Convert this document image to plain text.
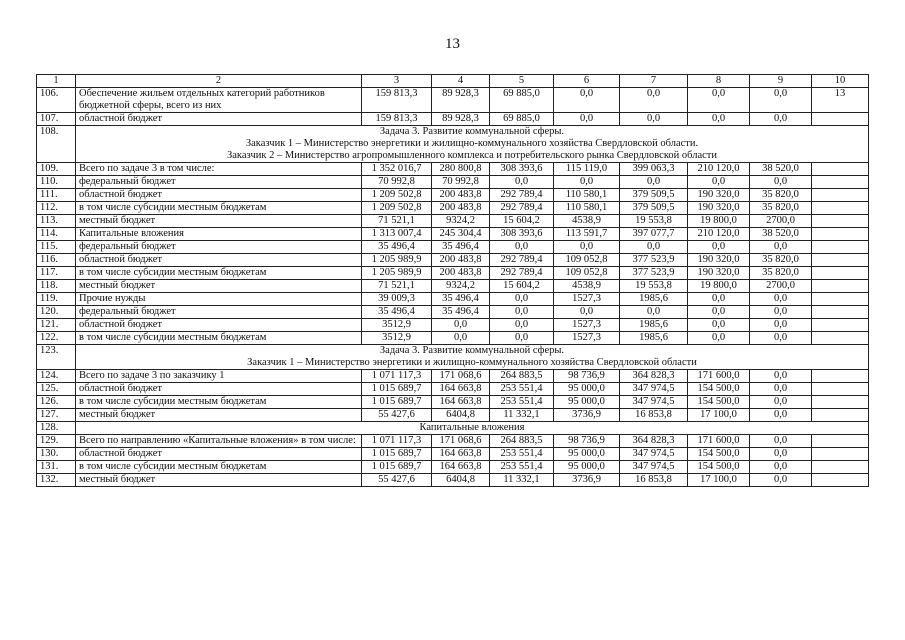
13
1	2	3	4	5	6	7	8	9	10
106.	Обеспечение жильем отдельных категорий работников бюджетной сферы, всего из них	159 813,3	89 928,3	69 885,0	0,0	0,0	0,0	0,0	13
107.	областной бюджет	159 813,3	89 928,3	69 885,0	0,0	0,0	0,0	0,0	
108.	Задача 3. Развитие коммунальной сферы.
Заказчик 1 – Министерство энергетики и жилищно-коммунального хозяйства Свердловской области.
Заказчик 2 – Министерство агропромышленного комплекса и потребительского рынка Свердловской области								

109.	Всего по задаче 3 в том числе:	1 352 016,7	280 800,8	308 393,6	115 119,0	399 063,3	210 120,0	38 520,0	
110.	федеральный бюджет	70 992,8	70 992,8	0,0	0,0	0,0	0,0	0,0	
111.	областной бюджет	1 209 502,8	200 483,8	292 789,4	110 580,1	379 509,5	190 320,0	35 820,0	
112.	в том числе субсидии местным бюджетам	1 209 502,8	200 483,8	292 789,4	110 580,1	379 509,5	190 320,0	35 820,0	
113.	местный бюджет	71 521,1	9324,2	15 604,2	4538,9	19 553,8	19 800,0	2700,0	
114.	Капитальные вложения	1 313 007,4	245 304,4	308 393,6	113 591,7	397 077,7	210 120,0	38 520,0	
115.	федеральный бюджет	35 496,4	35 496,4	0,0	0,0	0,0	0,0	0,0	
116.	областной бюджет	1 205 989,9	200 483,8	292 789,4	109 052,8	377 523,9	190 320,0	35 820,0	
117.	в том числе субсидии местным бюджетам	1 205 989,9	200 483,8	292 789,4	109 052,8	377 523,9	190 320,0	35 820,0	
118.	местный бюджет	71 521,1	9324,2	15 604,2	4538,9	19 553,8	19 800,0	2700,0	
119.	Прочие нужды	39 009,3	35 496,4	0,0	1527,3	1985,6	0,0	0,0	
120.	федеральный бюджет	35 496,4	35 496,4	0,0	0,0	0,0	0,0	0,0	
121.	областной бюджет	3512,9	0,0	0,0	1527,3	1985,6	0,0	0,0	
122.	в том числе субсидии местным бюджетам	3512,9	0,0	0,0	1527,3	1985,6	0,0	0,0	
123.	Задача 3. Развитие коммунальной сферы.
Заказчик 1 – Министерство энергетики и жилищно-коммунального хозяйства Свердловской области								

124.	Всего по задаче 3 по заказчику 1	1 071 117,3	171 068,6	264 883,5	98 736,9	364 828,3	171 600,0	0,0	
125.	областной бюджет	1 015 689,7	164 663,8	253 551,4	95 000,0	347 974,5	154 500,0	0,0	
126.	в том числе субсидии местным бюджетам	1 015 689,7	164 663,8	253 551,4	95 000,0	347 974,5	154 500,0	0,0	
127.	местный бюджет	55 427,6	6404,8	11 332,1	3736,9	16 853,8	17 100,0	0,0	
128.	Капитальные вложения								

129.	Всего по направлению «Капитальные вложения» в том числе:	1 071 117,3	171 068,6	264 883,5	98 736,9	364 828,3	171 600,0	0,0	
130.	областной бюджет	1 015 689,7	164 663,8	253 551,4	95 000,0	347 974,5	154 500,0	0,0	
131.	в том числе субсидии местным бюджетам	1 015 689,7	164 663,8	253 551,4	95 000,0	347 974,5	154 500,0	0,0	
132.	местный бюджет	55 427,6	6404,8	11 332,1	3736,9	16 853,8	17 100,0	0,0	
